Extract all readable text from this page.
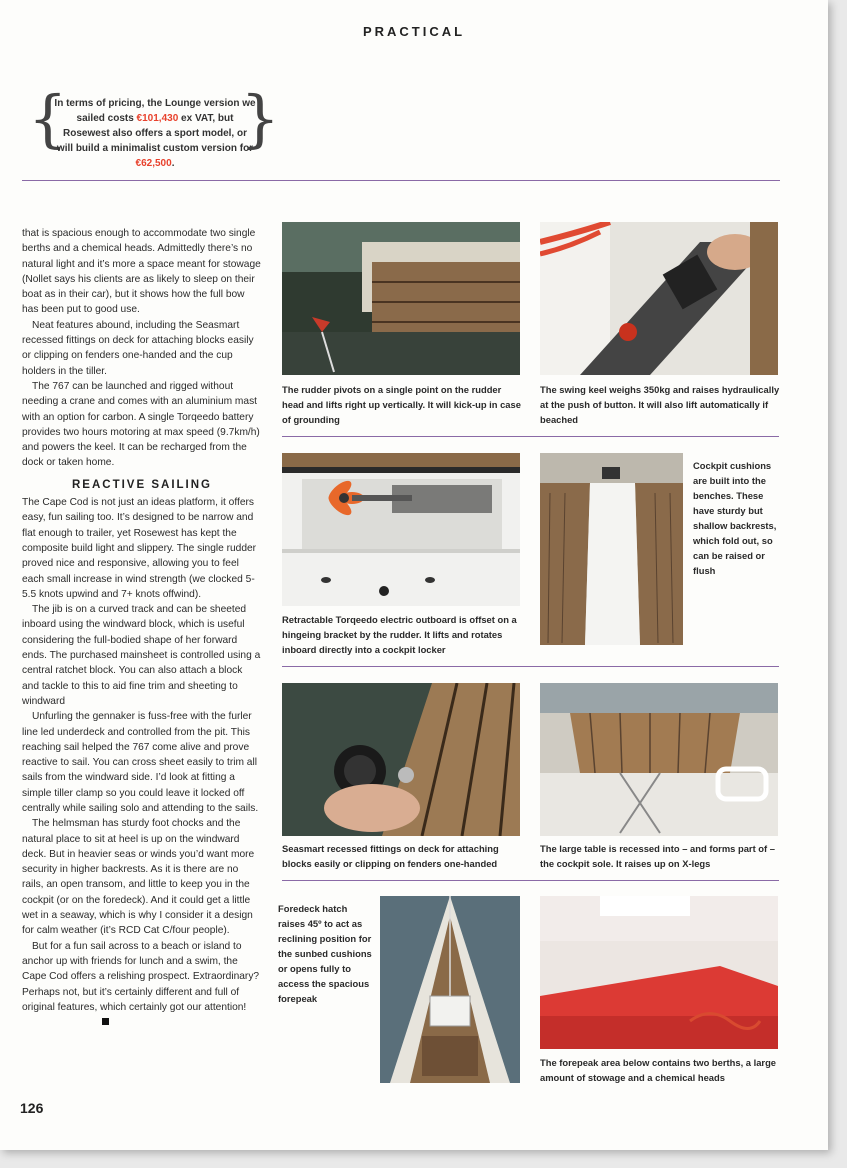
PRACTICAL
{
In terms of pricing, the Lounge version we sailed costs €101,430 ex VAT, but Rosewest also offers a sport model, or will build a minimalist custom version for €62,500.
}

that is spacious enough to accommodate two single berths and a chemical heads. Admittedly there’s no natural light and it’s more a space meant for stowage (Nollet says his clients are as likely to sleep on their boat as in their car), but it shows how the full bow has been put to good use.

Neat features abound, including the Seasmart recessed fittings on deck for attaching blocks easily or clipping on fenders one-handed and the cup holders in the tiller.

The 767 can be launched and rigged without needing a crane and comes with an aluminium mast with an option for carbon. A single Torqeedo battery provides two hours motoring at max speed (9.7km/h) and powers the keel. It can be recharged from the dock or taken home.

REACTIVE SAILING

The Cape Cod is not just an ideas platform, it offers easy, fun sailing too. It’s designed to be narrow and flat enough to trailer, yet Rosewest has kept the composite build light and slippery. The single rudder proved nice and responsive, allowing you to feel each small increase in wind strength (we clocked 5-5.5 knots upwind and 7+ knots offwind).

The jib is on a curved track and can be sheeted inboard using the windward block, which is useful considering the full-bodied shape of her forward ends. The purchased mainsheet is controlled using a central ratchet block. You can also attach a block and tackle to this to aid fine trim and sheeting to windward

Unfurling the gennaker is fuss-free with the furler line led underdeck and controlled from the pit. This reaching sail helped the 767 come alive and prove reactive to sail. You can cross sheet easily to trim all sails from the windward side. I’d look at fitting a simple tiller clamp so you could leave it locked off centrally while sailing solo and attending to the sails.

The helmsman has sturdy foot chocks and the natural place to sit at heel is up on the windward deck. But in heavier seas or winds you’d want more security in higher backrests. As it is there are no rails, an open transom, and little to keep you in the cockpit (or on the foredeck). And it could get a little wet in a seaway, which is why I consider it a design for calm weather (it’s RCD Cat C/four people).

But for a fun sail across to a beach or island to anchor up with friends for lunch and a swim, the Cape Cod offers a relishing prospect. Extraordinary? Perhaps not, but it’s certainly different and full of original features, which certainly got our attention!

The rudder pivots on a single point on the rudder head and lifts right up vertically. It will kick-up in case of grounding
The swing keel weighs 350kg and raises hydraulically at the push of button. It will also lift automatically if beached
Retractable Torqeedo electric outboard is offset on a hingeing bracket by the rudder. It lifts and rotates inboard directly into a cockpit locker
Cockpit cushions are built into the benches. These have sturdy but shallow backrests, which fold out, so can be raised or flush
Seasmart recessed fittings on deck for attaching blocks easily or clipping on fenders one-handed
The large table is recessed into – and forms part of – the cockpit sole. It raises up on X-legs
Foredeck hatch raises 45º to act as reclining position for the sunbed cushions or opens fully to access the spacious forepeak
The forepeak area below contains two berths, a large amount of stowage and a chemical heads
126
